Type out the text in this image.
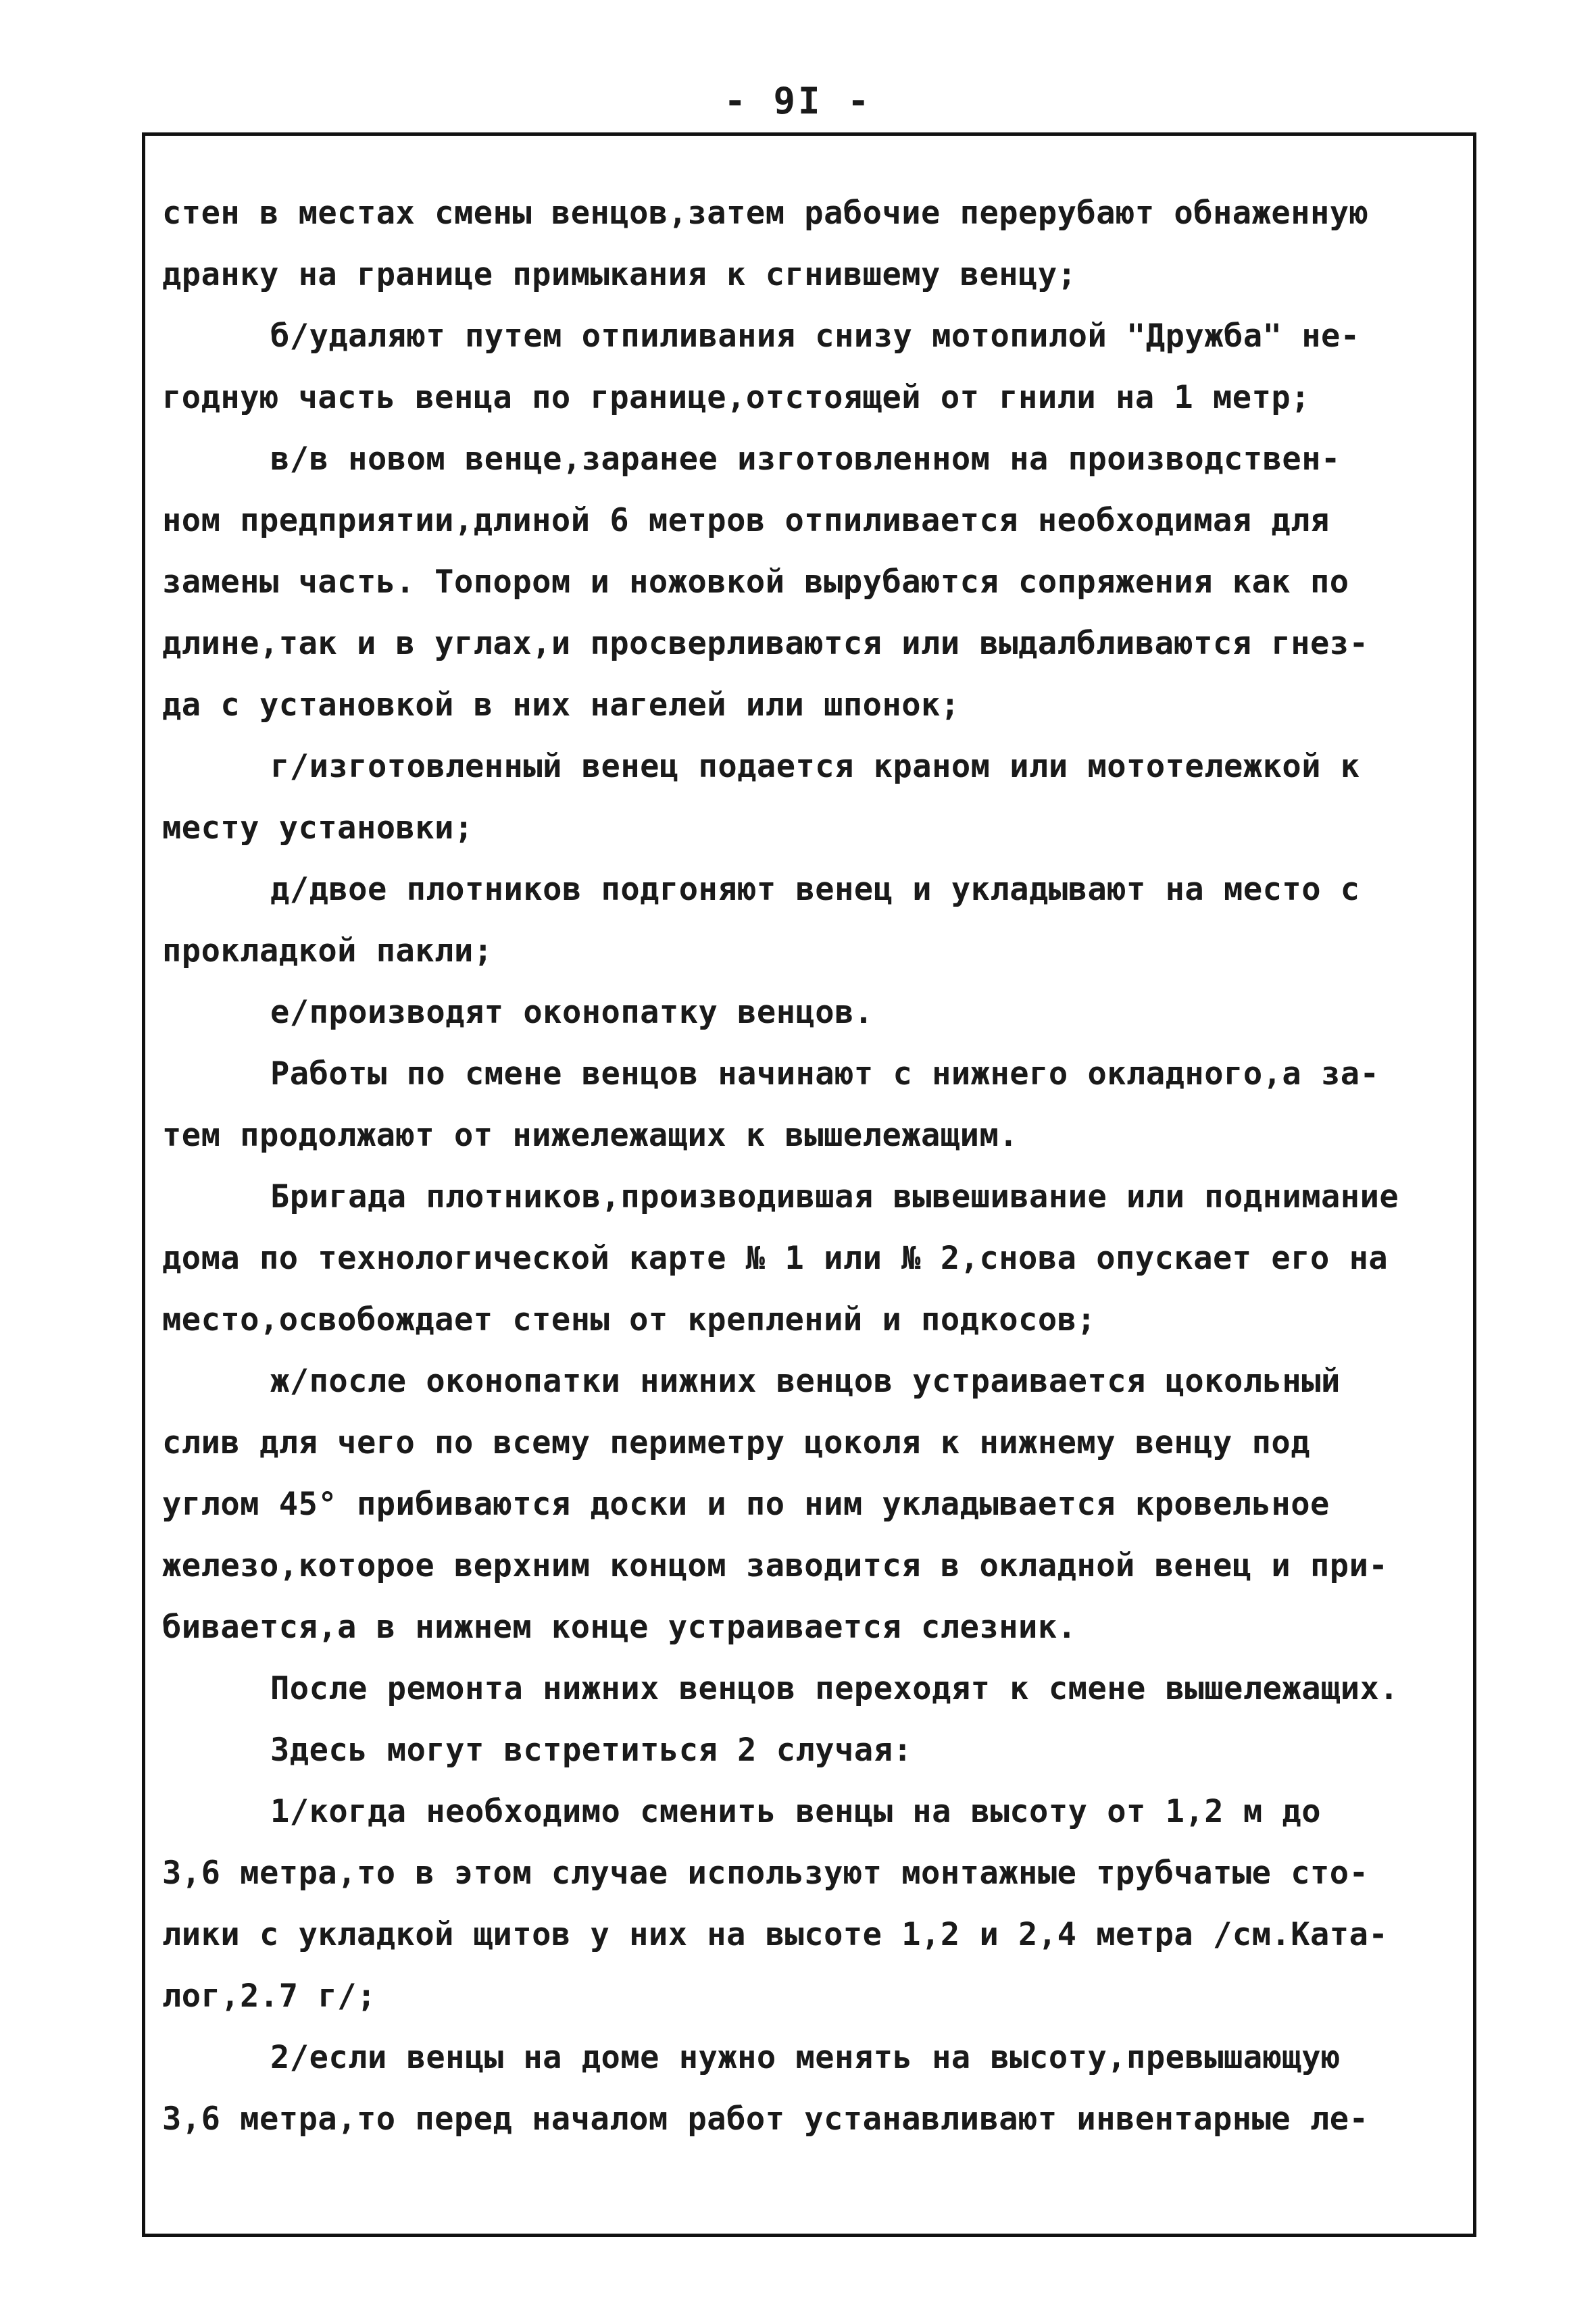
- 9I -
стен в местах смены венцов,затем рабочие перерубают обнаженную
дранку на границе примыкания к сгнившему венцу;
б/удаляют путем отпиливания снизу мотопилой "Дружба" не-
годную часть венца по границе,отстоящей от гнили на 1 метр;
в/в новом венце,заранее изготовленном на производствен-
ном предприятии,длиной 6 метров отпиливается необходимая для
замены часть. Топором и ножовкой вырубаются сопряжения как по
длине,так и в углах,и просверливаются или выдалбливаются гнез-
да с установкой в них нагелей или шпонок;
г/изготовленный венец подается краном или мототележкой к
месту установки;
д/двое плотников подгоняют венец и укладывают на место с
прокладкой пакли;
е/производят оконопатку венцов.
Работы по смене венцов начинают с нижнего окладного,а за-
тем продолжают от нижележащих к вышележащим.
Бригада плотников,производившая вывешивание или поднимание
дома по технологической карте № 1 или № 2,снова опускает его на
место,освобождает стены от креплений и подкосов;
ж/после оконопатки нижних венцов устраивается цокольный
слив для чего по всему периметру цоколя к нижнему венцу под
углом 45° прибиваются доски и по ним укладывается кровельное
железо,которое верхним концом заводится в окладной венец и при-
бивается,а в нижнем конце устраивается слезник.
После ремонта нижних венцов переходят к смене вышележащих.
Здесь могут встретиться 2 случая:
1/когда необходимо сменить венцы на высоту от 1,2 м до
3,6 метра,то в этом случае используют монтажные трубчатые сто-
лики с укладкой щитов у них на высоте 1,2 и 2,4 метра /см.Ката-
лог,2.7 г/;
2/если венцы на доме нужно менять на высоту,превышающую
3,6 метра,то перед началом работ устанавливают инвентарные ле-
